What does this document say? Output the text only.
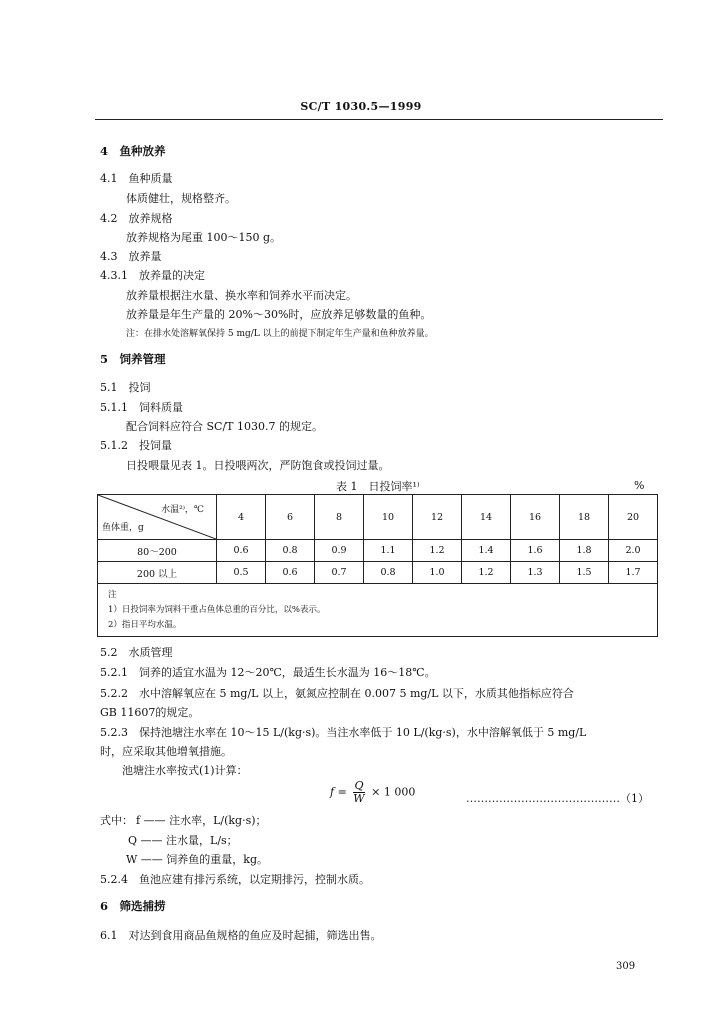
SC/T 1030.5—1999
4　鱼种放养
4.1　鱼种质量
体质健壮，规格整齐。
4.2　放养规格
放养规格为尾重 100～150 g。
4.3　放养量
4.3.1　放养量的决定
放养量根据注水量、换水率和饲养水平而决定。
放养量是年生产量的 20%～30%时，应放养足够数量的鱼种。
注：在排水处溶解氧保持 5 mg/L 以上的前提下制定年生产量和鱼种放养量。
5　饲养管理
5.1　投饲
5.1.1　饲料质量
配合饲料应符合 SC/T 1030.7 的规定。
5.1.2　投饲量
日投喂量见表 1。日投喂两次，严防饱食或投饲过量。
表 1　日投饲率¹⁾	%
水温²⁾，℃
鱼体重，g	4	6	8	10	12	14	16	18	20
80～200	0.6	0.8	0.9	1.1	1.2	1.4	1.6	1.8	2.0
200 以上	0.5	0.6	0.7	0.8	1.0	1.2	1.3	1.5	1.7

注
1）日投饲率为饲料干重占鱼体总重的百分比，以%表示。
2）指日平均水温。									
5.2　水质管理
5.2.1　饲养的适宜水温为 12～20℃，最适生长水温为 16～18℃。
5.2.2　水中溶解氧应在 5 mg/L 以上，氨氮应控制在 0.007 5 mg/L 以下，水质其他指标应符合
GB 11607的规定。
5.2.3　保持池塘注水率在 10～15 L/(kg·s)。当注水率低于 10 L/(kg·s)，水中溶解氧低于 5 mg/L
时，应采取其他增氧措施。
池塘注水率按式(1)计算：
$f = \frac{Q}{W} \times 1$ 000	……………………………………（1）
式中： f —— 注水率，L/(kg·s)；
Q —— 注水量，L/s；
W —— 饲养鱼的重量，kg。
5.2.4　鱼池应建有排污系统，以定期排污，控制水质。
6　筛选捕捞
6.1　对达到食用商品鱼规格的鱼应及时起捕，筛选出售。
309
